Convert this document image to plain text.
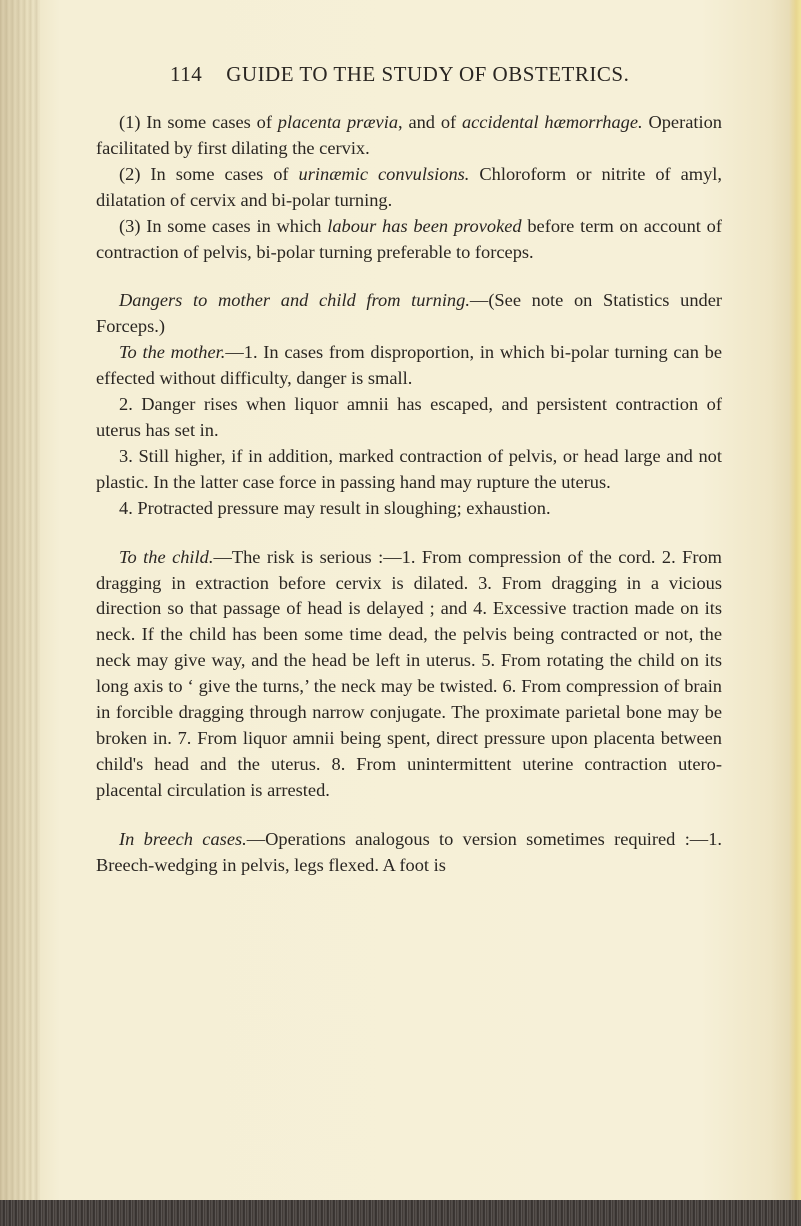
114 GUIDE TO THE STUDY OF OBSTETRICS.

(1) In some cases of placenta prævia, and of accidental hæmorrhage. Operation facilitated by first dilating the cervix.

(2) In some cases of urinæmic convulsions. Chloroform or nitrite of amyl, dilatation of cervix and bi-polar turning.

(3) In some cases in which labour has been provoked before term on account of contraction of pelvis, bi-polar turning preferable to forceps.

Dangers to mother and child from turning.—(See note on Statistics under Forceps.)

To the mother.—1. In cases from disproportion, in which bi-polar turning can be effected without difficulty, danger is small.

2. Danger rises when liquor amnii has escaped, and persistent contraction of uterus has set in.

3. Still higher, if in addition, marked contraction of pelvis, or head large and not plastic. In the latter case force in passing hand may rupture the uterus.

4. Protracted pressure may result in sloughing; exhaustion.

To the child.—The risk is serious :—1. From compression of the cord. 2. From dragging in extraction before cervix is dilated. 3. From dragging in a vicious direction so that passage of head is delayed ; and 4. Excessive traction made on its neck. If the child has been some time dead, the pelvis being contracted or not, the neck may give way, and the head be left in uterus. 5. From rotating the child on its long axis to ‘ give the turns,’ the neck may be twisted. 6. From compression of brain in forcible dragging through narrow conjugate. The proximate parietal bone may be broken in. 7. From liquor amnii being spent, direct pressure upon placenta between child's head and the uterus. 8. From unintermittent uterine contraction utero-placental circulation is arrested.

In breech cases.—Operations analogous to version sometimes required :—1. Breech-wedging in pelvis, legs flexed. A foot is
